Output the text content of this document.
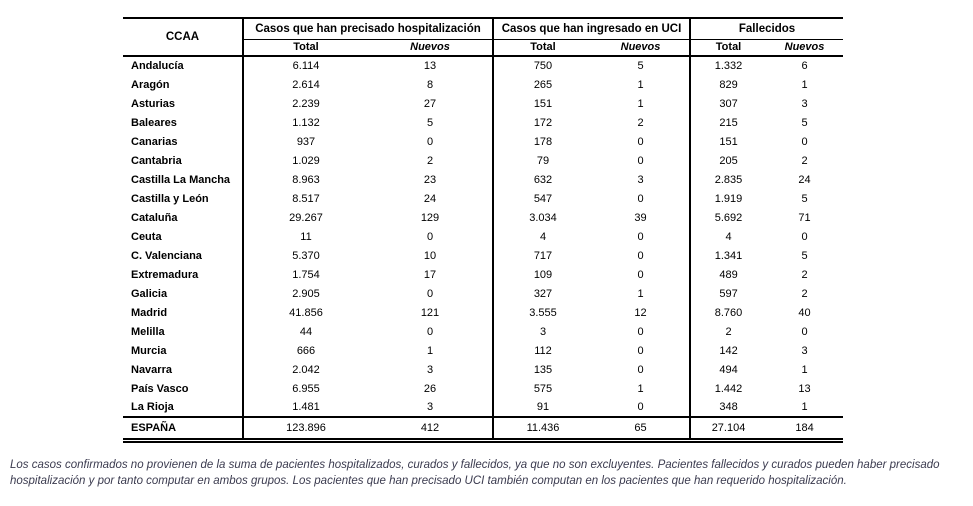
CCAA	Casos que han precisado hospitalización		Casos que han ingresado en UCI		Fallecidos	
	Total	Nuevos	Total	Nuevos	Total	Nuevos
Andalucía	6.114	13	750	5	1.332	6
Aragón	2.614	8	265	1	829	1
Asturias	2.239	27	151	1	307	3
Baleares	1.132	5	172	2	215	5
Canarias	937	0	178	0	151	0
Cantabria	1.029	2	79	0	205	2
Castilla La Mancha	8.963	23	632	3	2.835	24
Castilla y León	8.517	24	547	0	1.919	5
Cataluña	29.267	129	3.034	39	5.692	71
Ceuta	11	0	4	0	4	0
C. Valenciana	5.370	10	717	0	1.341	5
Extremadura	1.754	17	109	0	489	2
Galicia	2.905	0	327	1	597	2
Madrid	41.856	121	3.555	12	8.760	40
Melilla	44	0	3	0	2	0
Murcia	666	1	112	0	142	3
Navarra	2.042	3	135	0	494	1
País Vasco	6.955	26	575	1	1.442	13
La Rioja	1.481	3	91	0	348	1
ESPAÑA	123.896	412	11.436	65	27.104	184

Los casos confirmados no provienen de la suma de pacientes hospitalizados, curados y fallecidos, ya que no son excluyentes. Pacientes fallecidos y curados pueden haber precisado hospitalización y por tanto computar en ambos grupos. Los pacientes que han precisado UCI también computan en los pacientes que han requerido hospitalización.
